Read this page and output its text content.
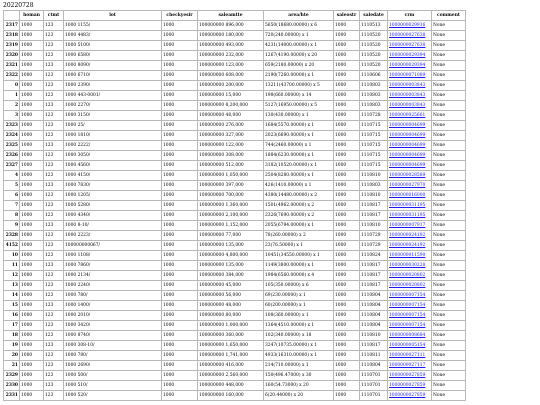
20220728
	homan	ctmt	lot	checkyesir	saleamtte	area/hte	saleostr	saledate	crm	comment
2317	1000	123	1000 1155/	1000	100000000 896,000	5650(18680.00000) x 6	1000	1110513	1000000029916	None
2318	1000	123	1000 4483/	1000	100000000 180,000	720(240.00000) x 1	1000	1110520	1000000027638	None
2319	1000	123	1000 5100/	1000	100000000 493,000	4231(14000.00000) x 1	1000	1110520	1000000027638	None
2320	1000	123	1000 6580/	1000	100000000 232,000	1267(4190.00000) x 20	1000	1110520	1000000029394	None
2321	1000	123	1000 8090/	1000	100000000 123,000	659(2180.00000) x 20	1000	1110520	1000000029394	None
2322	1000	123	1000 6710/	1000	100000000 608,000	2190(7260.00000) x 1	1000	1110606	1000000071089	None
0	1000	123	1000 2390/	1000	100000000 200,000	13211(43700.00000) x 5	1000	1110803	1000000003843	None
1	1000	123	1000 443-0001/	1000	100000000 15,000	198(660.00000) x 14	1000	1110803	1000000003843	None
2	1000	123	1000 2270/	1000	100000000 8,200,000	5127(16950.00000) x 5	1000	1110803	1000000003843	None
3	1000	123	1000 3150/	1000	100000000 48,000	130(430.00000) x 1	1000	1110728	1000000025661	None
2323	1000	123	1000 25/	1000	100000000 276,000	1684(5570.00000) x 1	1000	1110715	1000000004699	None
2324	1000	123	1000 1810/	1000	100000000 327,000	2023(6690.00000) x 1	1000	1110715	1000000004699	None
2325	1000	123	1000 2222/	1000	100000000 122,000	744(2460.00000) x 1	1000	1110715	1000000004699	None
2326	1000	123	1000 3050/	1000	100000000 308,000	1884(6230.00000) x 1	1000	1110715	1000000004699	None
2327	1000	123	1000 4560/	1000	100000000 512,000	3182(10520.00000) x 1	1000	1110715	1000000004699	None
4	1000	123	1000 4150/	1000	100000000 1,050,000	2504(8280.00000) x 1	1000	1110810	1000000028589	None
5	1000	123	1000 7830/	1000	100000000 397,000	426(1410.00000) x 1	1000	1110803	1000000027970	None
6	1000	123	1000 1205/	1000	100000000 700,000	4380(14480.00000) x 2	1000	1110810	1000000016000	None
7	1000	123	1000 5280/	1000	100000000 1,360,000	1501(4962.00000) x 2	1000	1110817	1000000031195	None
8	1000	123	1000 4340/	1000	100000000 2,100,000	2326(7690.00000) x 2	1000	1110817	1000000031195	None
9	1000	123	1000 8-10/	1000	100000000 1,152,000	2055(6794.00000) x 1	1000	1110810	1000000007917	None
2328	1000	123	1000 2223/	1000	100000000 77,000	78(260.00000) x 2	1000	1110729	1000000024192	None
4152	1000	123	100000000067/	1000	100000000 135,000	23(76.50000) x 1	1000	1110729	1000000024192	None
10	1000	123	1000 1108/	1000	100000000 4,800,000	10451(34550.00000) x 1	1000	1110824	1000000011590	None
11	1000	123	1000 7860/	1000	100000000 135,000	1149(3800.00000) x 1	1000	1110817	1000000030228	None
12	1000	123	1000 2134/	1000	100000000 384,000	1984(6560.00000) x 4	1000	1110817	1000000020802	None
13	1000	123	1000 2240/	1000	100000000 45,000	105(350.00000) x 6	1000	1110817	1000000020802	None
14	1000	123	1000 780/	1000	100000000 56,000	69(230.00000) x 1	1000	1110804	1000000007154	None
15	1000	123	1000 1400/	1000	100000000 48,000	60(200.00000) x 1	1000	1110804	1000000007154	None
16	1000	123	1000 2010/	1000	100000000 80,000	108(360.00000) x 1	1000	1110804	1000000007154	None
17	1000	123	1000 3420/	1000	100000000 1,000,000	1364(4510.00000) x 1	1000	1110804	1000000007154	None
18	1000	123	1000 8740/	1000	100000000 360,000	102(340.00000) x 18	1000	1110810	1000000008684	None
19	1000	123	1000 308-10/	1000	100000000 1,650,000	3247(10735.00000) x 1	1000	1110817	1000000005154	None
20	1000	123	1000 780/	1000	100000000 1,741,000	4933(16310.00000) x 1	1000	1110811	1000000027111	None
21	1000	123	1000 2690/	1000	100000000 416,000	214(710.00000) x 1	1000	1110804	1000000027117	None
2329	1000	123	1000 500/	1000	100000000 2,560,000	150(496.47000) x 30	1000	1110701	1000000027859	None
2330	1000	123	1000 510/	1000	100000000 448,000	160(54.73000) x 20	1000	1110701	1000000027859	None
2331	1000	123	1000 520/	1000	100000000 160,000	6(20.44000) x 20	1000	1110701	1000000027859	None
